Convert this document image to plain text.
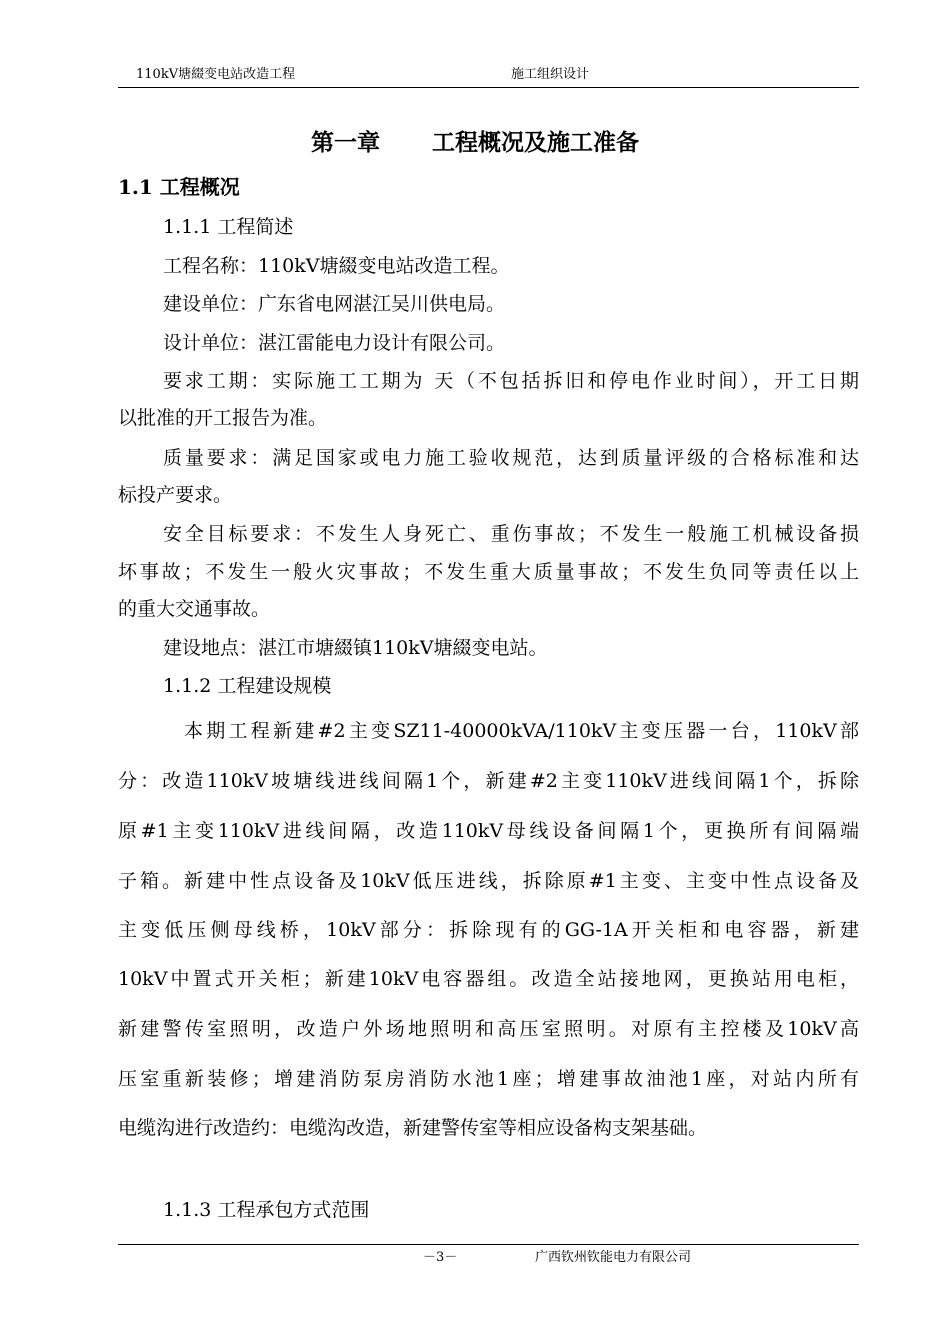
110kV塘綴变电站改造工程	施工组织设计
第一章 工程概况及施工准备
1.1 工程概况
1.1.1 工程简述
工程名称：110kV塘綴变电站改造工程。
建设单位：广东省电网湛江吴川供电局。
设计单位：湛江雷能电力设计有限公司。
要求工期：实际施工工期为 天（不包括拆旧和停电作业时间），开工日期
以批准的开工报告为准。
质量要求：满足国家或电力施工验收规范，达到质量评级的合格标准和达
标投产要求。
安全目标要求：不发生人身死亡、重伤事故；不发生一般施工机械设备损
坏事故；不发生一般火灾事故；不发生重大质量事故；不发生负同等责任以上
的重大交通事故。
建设地点：湛江市塘綴镇110kV塘綴变电站。
1.1.2 工程建设规模
本期工程新建#2主变SZ11-40000kVA/110kV主变压器一台，110kV部
分：改造110kV坡塘线进线间隔1个，新建#2主变110kV进线间隔1个，拆除
原#1主变110kV进线间隔，改造110kV母线设备间隔1个，更换所有间隔端
子箱。新建中性点设备及10kV低压进线，拆除原#1主变、主变中性点设备及
主变低压侧母线桥，10kV部分：拆除现有的GG-1A开关柜和电容器，新建
10kV中置式开关柜；新建10kV电容器组。改造全站接地网，更换站用电柜，
新建警传室照明，改造户外场地照明和高压室照明。对原有主控楼及10kV高
压室重新装修；增建消防泵房消防水池1座；增建事故油池1座，对站内所有
电缆沟进行改造约：电缆沟改造，新建警传室等相应设备构支架基础。
1.1.3 工程承包方式范围
－3－	广西钦州钦能电力有限公司
